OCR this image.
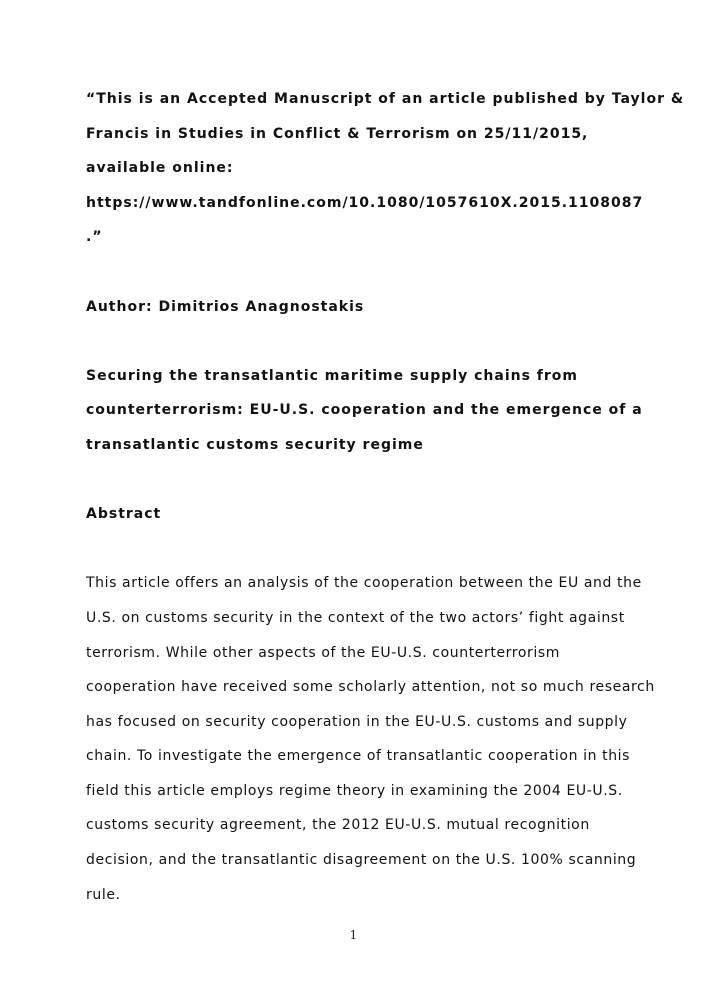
“This is an Accepted Manuscript of an article published by Taylor &
Francis in Studies in Conflict & Terrorism on 25/11/2015,
available online:
https://www.tandfonline.com/10.1080/1057610X.2015.1108087
.”
Author: Dimitrios Anagnostakis
Securing the transatlantic maritime supply chains from
counterterrorism: EU-U.S. cooperation and the emergence of a
transatlantic customs security regime
Abstract
This article offers an analysis of the cooperation between the EU and the
U.S. on customs security in the context of the two actors’ fight against
terrorism. While other aspects of the EU-U.S. counterterrorism
cooperation have received some scholarly attention, not so much research
has focused on security cooperation in the EU-U.S. customs and supply
chain. To investigate the emergence of transatlantic cooperation in this
field this article employs regime theory in examining the 2004 EU-U.S.
customs security agreement, the 2012 EU-U.S. mutual recognition
decision, and the transatlantic disagreement on the U.S. 100% scanning
rule.
1
